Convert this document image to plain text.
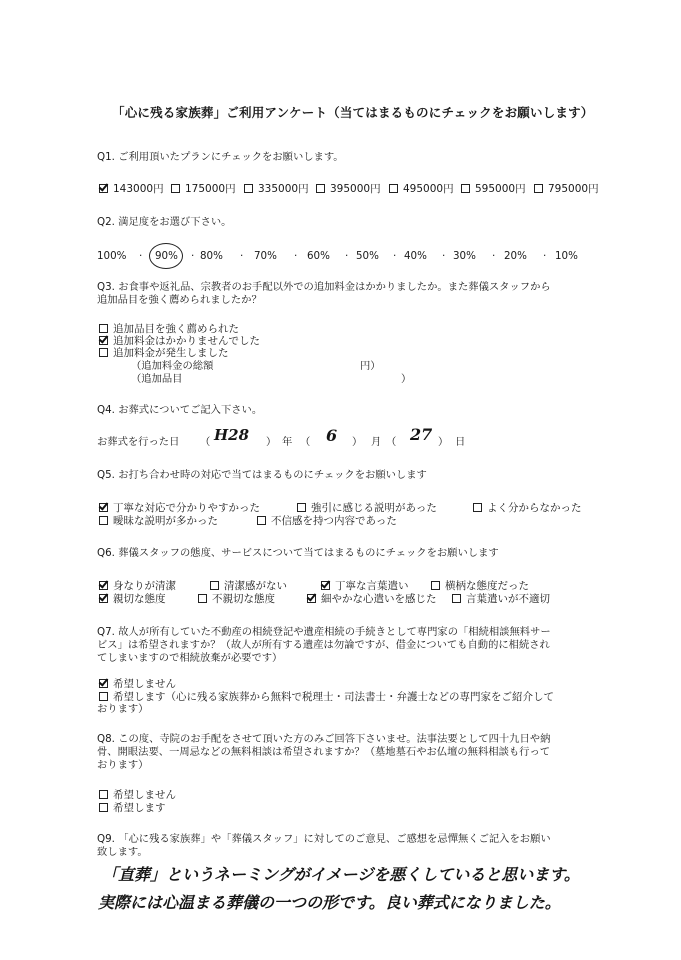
「心に残る家族葬」ご利用アンケート（当てはまるものにチェックをお願いします）
Q1. ご利用頂いたプランにチェックをお願いします。
143000円	175000円	335000円	395000円	495000円	595000円	795000円
Q2. 満足度をお選び下さい。
100% · 90% · 80% · 70% · 60% · 50% · 40% · 30% · 20% · 10%
Q3. お食事や返礼品、宗教者のお手配以外での追加料金はかかりましたか。また葬儀スタッフから
追加品目を強く薦められましたか？
追加品目を強く薦められた
追加料金はかかりませんでした
追加料金が発生しました
（追加料金の総額	円）
（追加品目	）
Q4. お葬式についてご記入下さい。
お葬式を行った日 （ H28 ） 年 （ 6 ） 月 （ 27 ） 日
Q5. お打ち合わせ時の対応で当てはまるものにチェックをお願いします
丁寧な対応で分かりやすかった	強引に感じる説明があった	よく分からなかった
曖昧な説明が多かった	不信感を持つ内容であった
Q6. 葬儀スタッフの態度、サービスについて当てはまるものにチェックをお願いします
身なりが清潔	清潔感がない	丁寧な言葉遣い	横柄な態度だった
親切な態度	不親切な態度	細やかな心遣いを感じた	言葉遣いが不適切
Q7. 故人が所有していた不動産の相続登記や遺産相続の手続きとして専門家の「相続相談無料サー
ビス」は希望されますか？（故人が所有する遺産は勿論ですが、借金についても自動的に相続され
てしまいますので相続放棄が必要です）
希望しません
希望します（心に残る家族葬から無料で税理士・司法書士・弁護士などの専門家をご紹介して
おります）
Q8. この度、寺院のお手配をさせて頂いた方のみご回答下さいませ。法事法要として四十九日や納
骨、開眼法要、一周忌などの無料相談は希望されますか？（墓地墓石やお仏壇の無料相談も行って
おります）
希望しません
希望します
Q9. 「心に残る家族葬」や「葬儀スタッフ」に対してのご意見、ご感想を忌憚無くご記入をお願い
致します。
「直葬」というネーミングがイメージを悪くしていると思います。
実際には心温まる葬儀の一つの形です。良い葬式になりました。
